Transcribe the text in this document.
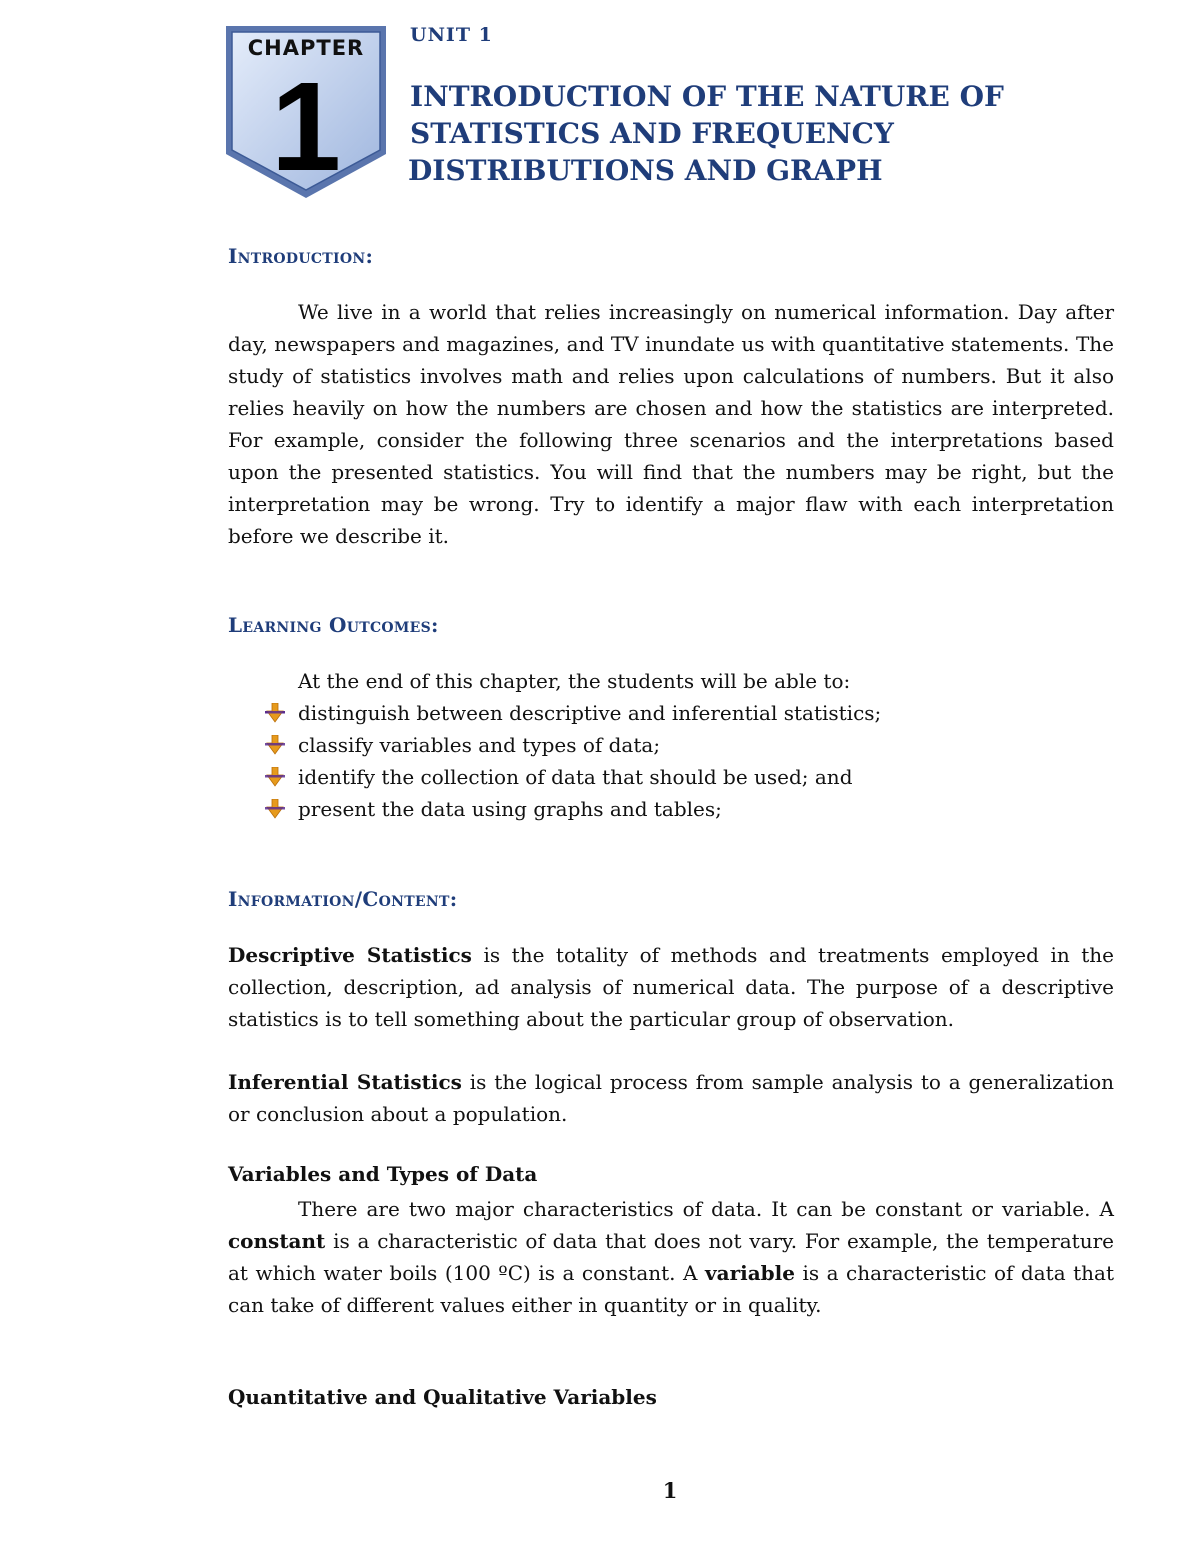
CHAPTER
1
UNIT 1
INTRODUCTION OF THE NATURE OF
STATISTICS AND FREQUENCY
DISTRIBUTIONS AND GRAPH
Introduction:
We live in a world that relies increasingly on numerical information. Day after day, newspapers and magazines, and TV inundate us with quantitative statements. The study of statistics involves math and relies upon calculations of numbers. But it also relies heavily on how the numbers are chosen and how the statistics are interpreted. For example, consider the following three scenarios and the interpretations based upon the presented statistics. You will find that the numbers may be right, but the interpretation may be wrong. Try to identify a major flaw with each interpretation before we describe it.
Learning Outcomes:
At the end of this chapter, the students will be able to:
distinguish between descriptive and inferential statistics;
classify variables and types of data;
identify the collection of data that should be used; and
present the data using graphs and tables;
Information/Content:
Descriptive Statistics is the totality of methods and treatments employed in the collection, description, ad analysis of numerical data. The purpose of a descriptive statistics is to tell something about the particular group of observation.
Inferential Statistics is the logical process from sample analysis to a generalization or conclusion about a population.
Variables and Types of Data
There are two major characteristics of data. It can be constant or variable. A constant is a characteristic of data that does not vary. For example, the temperature at which water boils (100 ºC) is a constant. A variable is a characteristic of data that can take of different values either in quantity or in quality.
Quantitative and Qualitative Variables
1
